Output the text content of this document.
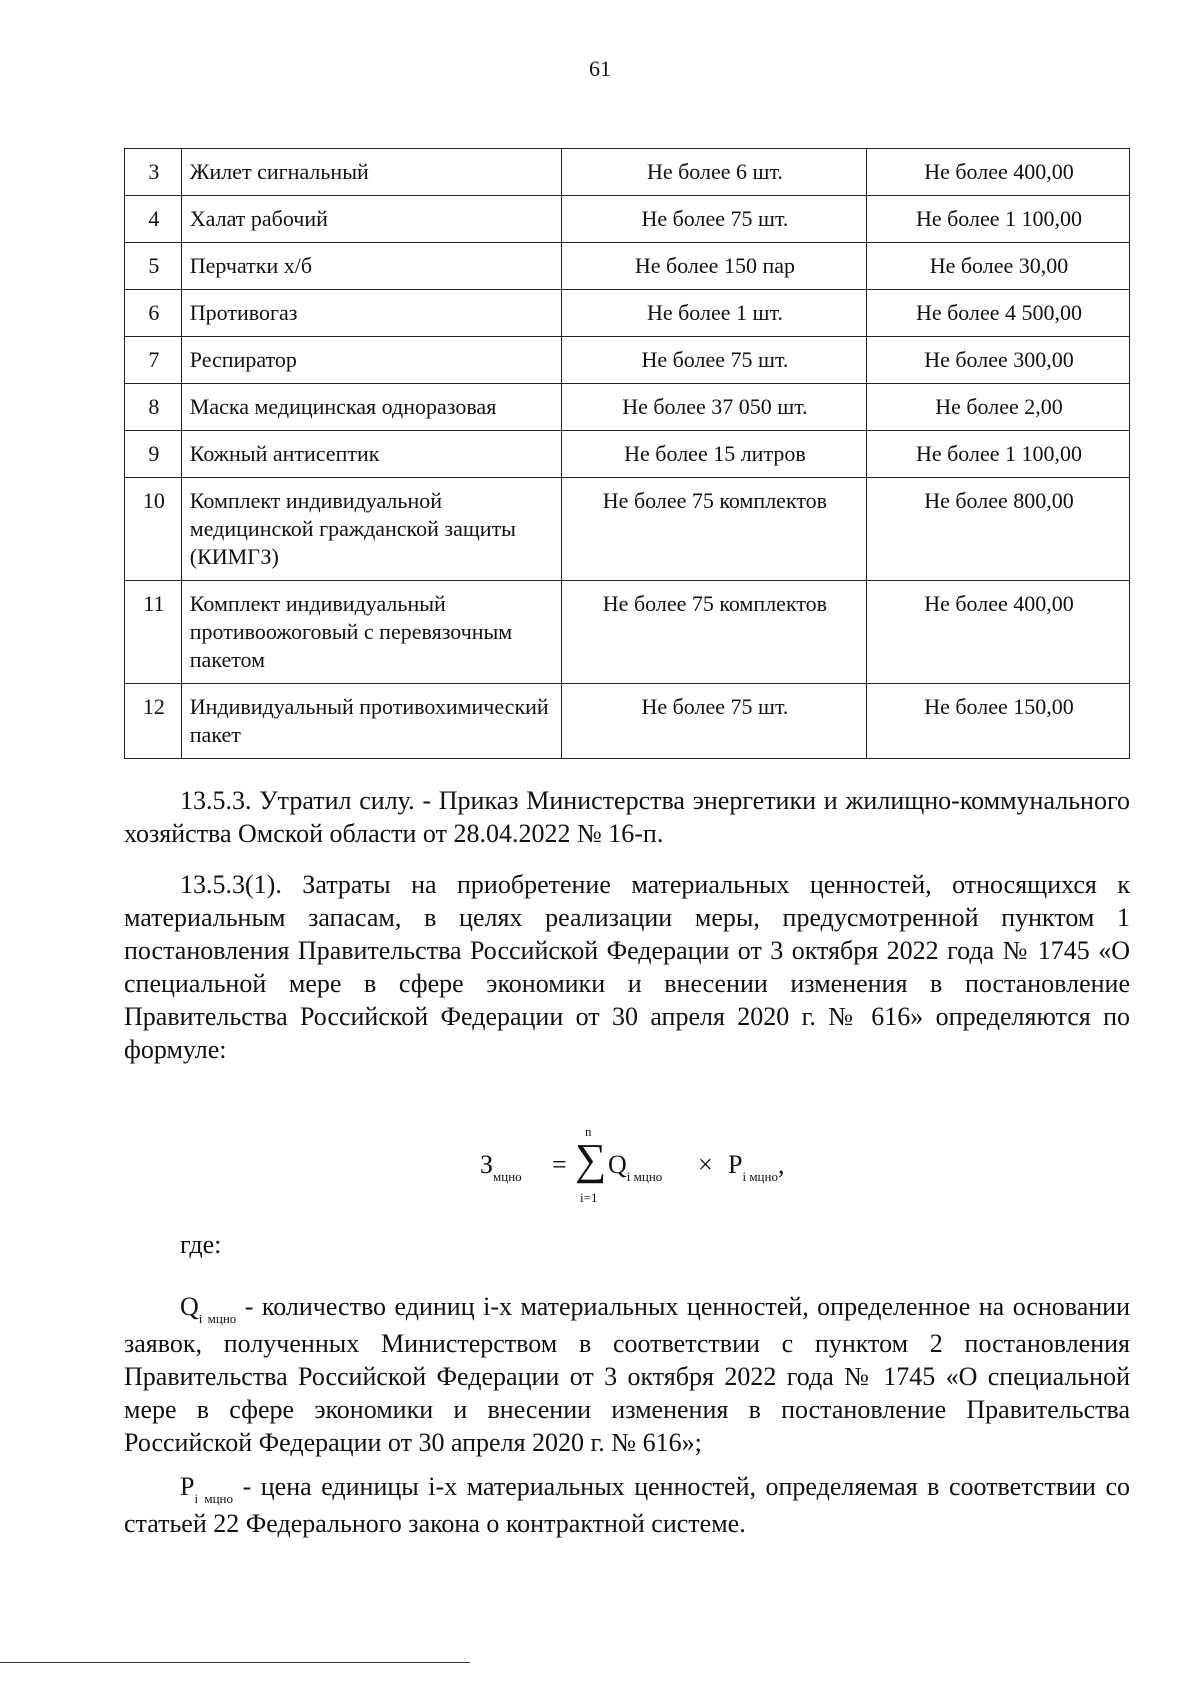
61
3	Жилет сигнальный	Не более 6 шт.	Не более 400,00
4	Халат рабочий	Не более 75 шт.	Не более 1 100,00
5	Перчатки х/б	Не более 150 пар	Не более 30,00
6	Противогаз	Не более 1 шт.	Не более 4 500,00
7	Респиратор	Не более 75 шт.	Не более 300,00
8	Маска медицинская одноразовая	Не более 37 050 шт.	Не более 2,00
9	Кожный антисептик	Не более 15 литров	Не более 1 100,00
10	Комплект индивидуальной медицинской гражданской защиты (КИМГЗ)	Не более 75 комплектов	Не более 800,00
11	Комплект индивидуальный противоожоговый с перевязочным пакетом	Не более 75 комплектов	Не более 400,00
12	Индивидуальный противохимический пакет	Не более 75 шт.	Не более 150,00

13.5.3. Утратил силу. - Приказ Министерства энергетики и жилищно-коммунального хозяйства Омской области от 28.04.2022 № 16-п.

13.5.3(1). Затраты на приобретение материальных ценностей, относящихся к материальным запасам, в целях реализации меры, предусмотренной пунктом 1 постановления Правительства Российской Федерации от 3 октября 2022 года № 1745 «О специальной мере в сфере экономики и внесении изменения в постановление Правительства Российской Федерации от 30 апреля 2020 г. № 616» определяются по формуле:

$З_{мцно}$ =
n
∑
i=1
$Q_{i мцно} \times P_{i мцно}$,

где:

$Q_{i мцно}$ - количество единиц i-х материальных ценностей, определенное на основании заявок, полученных Министерством в соответствии с пунктом 2 постановления Правительства Российской Федерации от 3 октября 2022 года № 1745 «О специальной мере в сфере экономики и внесении изменения в постановление Правительства Российской Федерации от 30 апреля 2020 г. № 616»;

$P_{i мцно}$ - цена единицы i-х материальных ценностей, определяемая в соответствии со статьей 22 Федерального закона о контрактной системе.
